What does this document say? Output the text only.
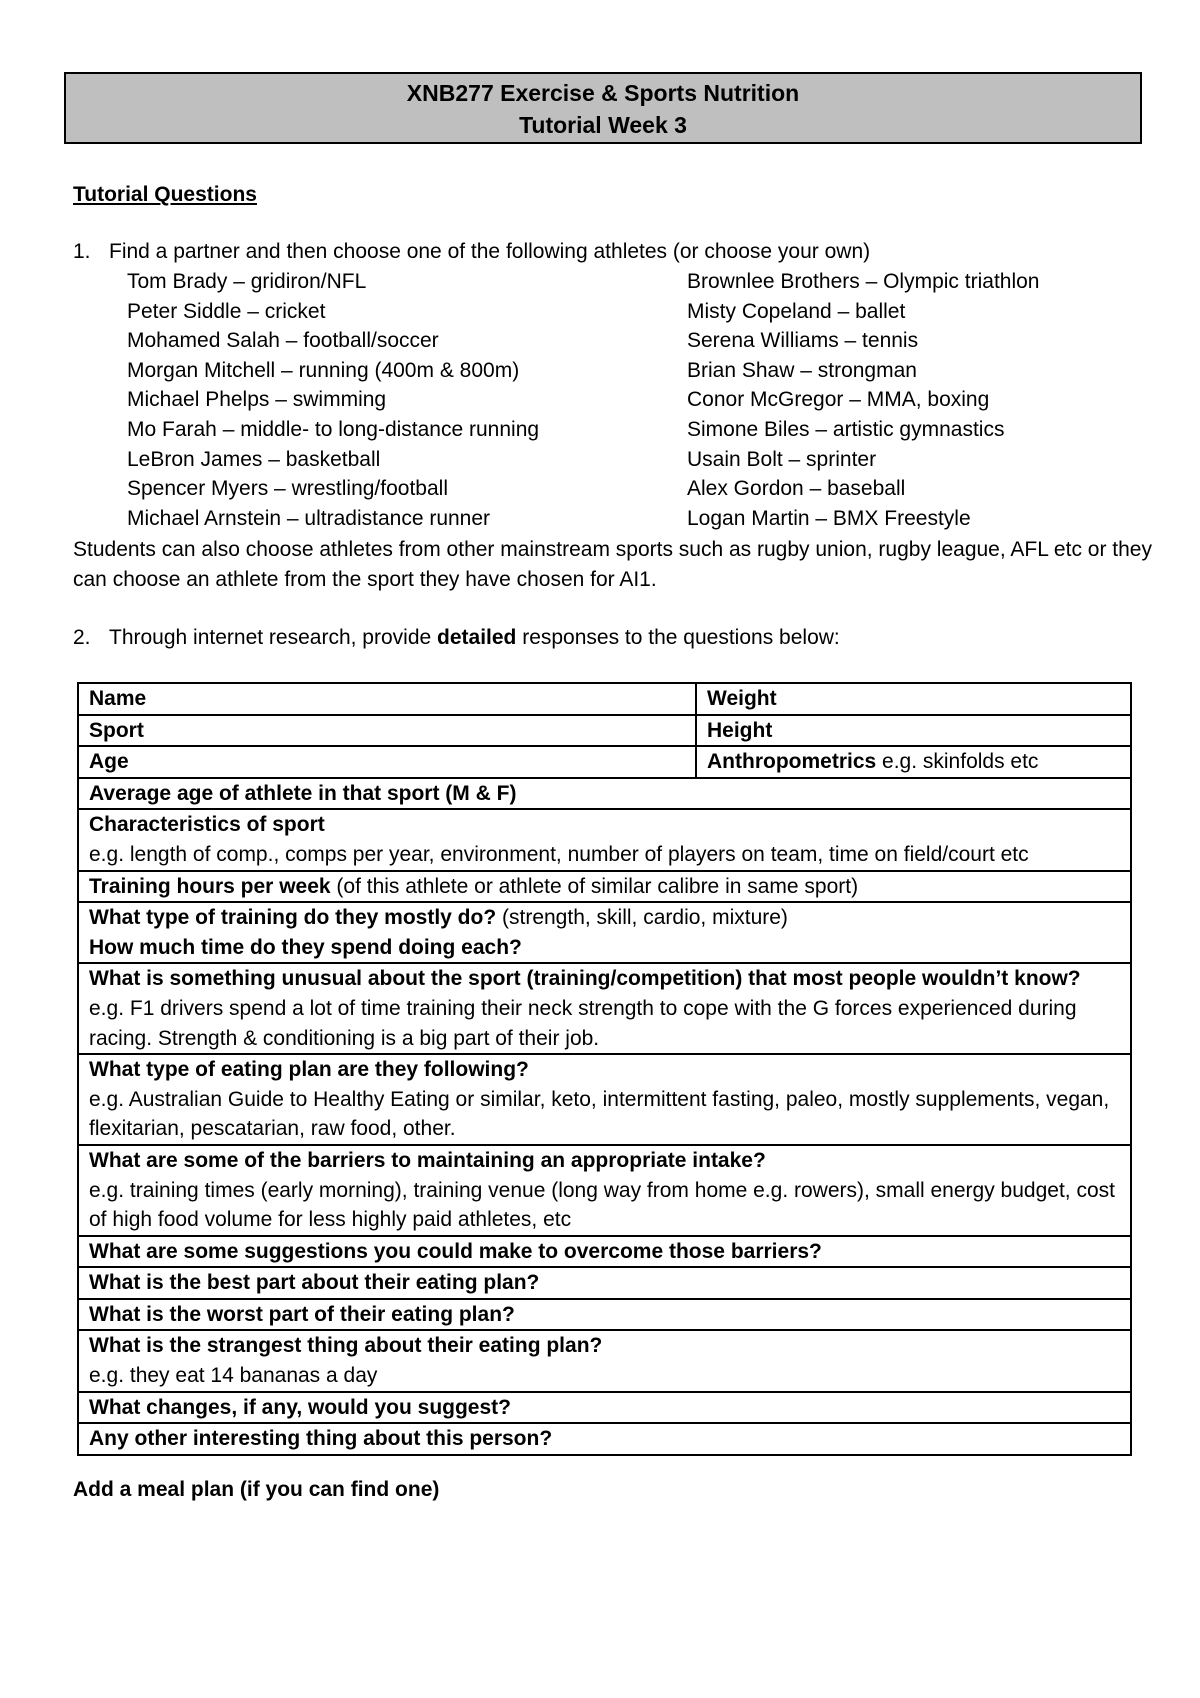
XNB277 Exercise & Sports Nutrition
Tutorial Week 3
Tutorial Questions
1. Find a partner and then choose one of the following athletes (or choose your own)
Tom Brady – gridiron/NFL	Brownlee Brothers – Olympic triathlon
Peter Siddle – cricket	Misty Copeland – ballet
Mohamed Salah – football/soccer	Serena Williams – tennis
Morgan Mitchell – running (400m & 800m)	Brian Shaw – strongman
Michael Phelps – swimming	Conor McGregor – MMA, boxing
Mo Farah – middle- to long-distance running	Simone Biles – artistic gymnastics
LeBron James – basketball	Usain Bolt – sprinter
Spencer Myers – wrestling/football	Alex Gordon – baseball
Michael Arnstein – ultradistance runner	Logan Martin – BMX Freestyle
Students can also choose athletes from other mainstream sports such as rugby union, rugby league, AFL etc or they can choose an athlete from the sport they have chosen for AI1.
2. Through internet research, provide detailed responses to the questions below:
Name	Weight
Sport	Height
Age	Anthropometrics e.g. skinfolds etc
Average age of athlete in that sport (M & F)	

Characteristics of sport
e.g. length of comp., comps per year, environment, number of players on team, time on field/court etc	

Training hours per week (of this athlete or athlete of similar calibre in same sport)	

What type of training do they mostly do? (strength, skill, cardio, mixture)
How much time do they spend doing each?	

What is something unusual about the sport (training/competition) that most people wouldn’t know?
e.g. F1 drivers spend a lot of time training their neck strength to cope with the G forces experienced during racing. Strength & conditioning is a big part of their job.	

What type of eating plan are they following?
e.g. Australian Guide to Healthy Eating or similar, keto, intermittent fasting, paleo, mostly supplements, vegan, flexitarian, pescatarian, raw food, other.	

What are some of the barriers to maintaining an appropriate intake?
e.g. training times (early morning), training venue (long way from home e.g. rowers), small energy budget, cost of high food volume for less highly paid athletes, etc	

What are some suggestions you could make to overcome those barriers?	
What is the best part about their eating plan?	
What is the worst part of their eating plan?	

What is the strangest thing about their eating plan?
e.g. they eat 14 bananas a day	

What changes, if any, would you suggest?	
Any other interesting thing about this person?	
Add a meal plan (if you can find one)
